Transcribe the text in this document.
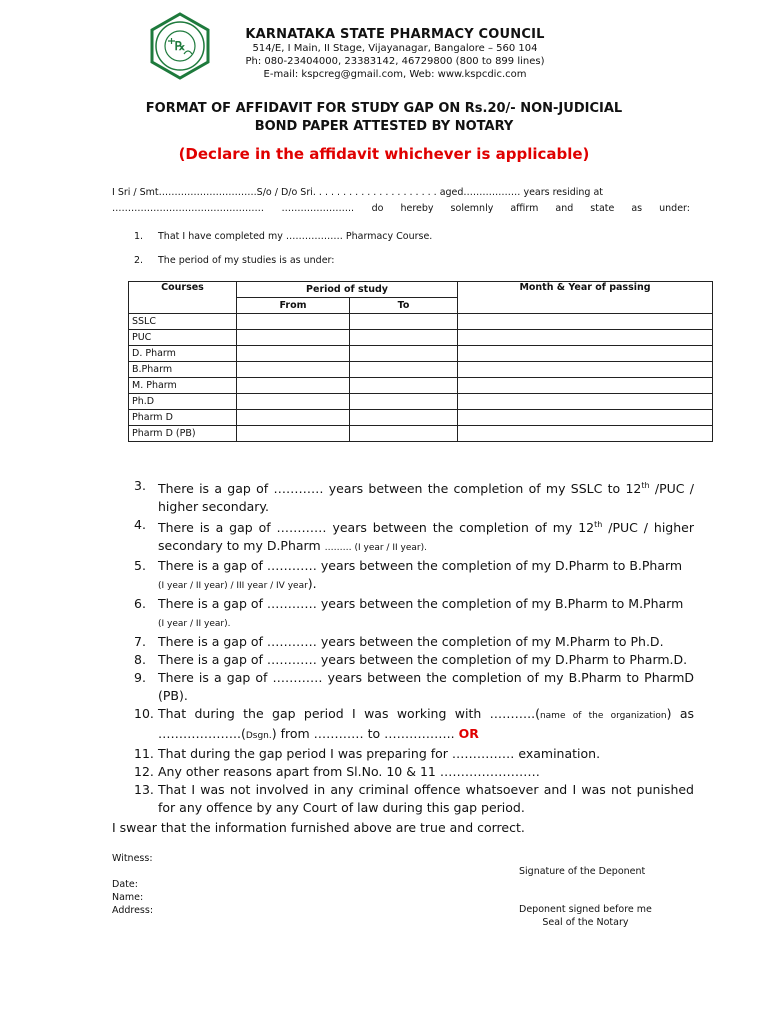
℞
KARNATAKA STATE PHARMACY COUNCIL
514/E, I Main, II Stage, Vijayanagar, Bangalore – 560 104
Ph: 080-23404000, 23383142, 46729800 (800 to 899 lines)
E-mail: kspcreg@gmail.com, Web: www.kspcdic.com
FORMAT OF AFFIDAVIT FOR STUDY GAP ON Rs.20/- NON-JUDICIAL
BOND PAPER ATTESTED BY NOTARY
(Declare in the affidavit whichever is applicable)
I Sri / Smt………………………….S/o / D/o Sri. . . . . . . . . . . . . . . . . . . . . aged……………… years residing at
………………………………………… ………………….. do hereby solemnly affirm and state as under:
1. That I have completed my ……………… Pharmacy Course.
2. The period of my studies is as under:
Courses	Period of study		Month & Year of passing
	From	To	
SSLC			
PUC			
D. Pharm			
B.Pharm			
M. Pharm			
Ph.D			
Pharm D			
Pharm D (PB)			
3. There is a gap of ………… years between the completion of my SSLC to 12th /PUC / higher secondary.
4. There is a gap of ………… years between the completion of my 12th /PUC / higher secondary to my D.Pharm ……… (I year / II year).
5. There is a gap of ………… years between the completion of my D.Pharm to B.Pharm
(I year / II year) / III year / IV year).
6. There is a gap of ………… years between the completion of my B.Pharm to M.Pharm
(I year / II year).
7. There is a gap of ………… years between the completion of my M.Pharm to Ph.D.
8. There is a gap of ………… years between the completion of my D.Pharm to Pharm.D.
9. There is a gap of ………… years between the completion of my B.Pharm to PharmD (PB).
10. That during the gap period I was working with ………..(name of the organization) as ………………..(Dsgn.) from ………… to …………….. OR
11. That during the gap period I was preparing for …………… examination.
12. Any other reasons apart from Sl.No. 10 & 11 ……………………
13. That I was not involved in any criminal offence whatsoever and I was not punished for any offence by any Court of law during this gap period.
I swear that the information furnished above are true and correct.
Witness:
Signature of the Deponent
Date:
Name:
Address:	Deponent signed before me
Seal of the Notary
